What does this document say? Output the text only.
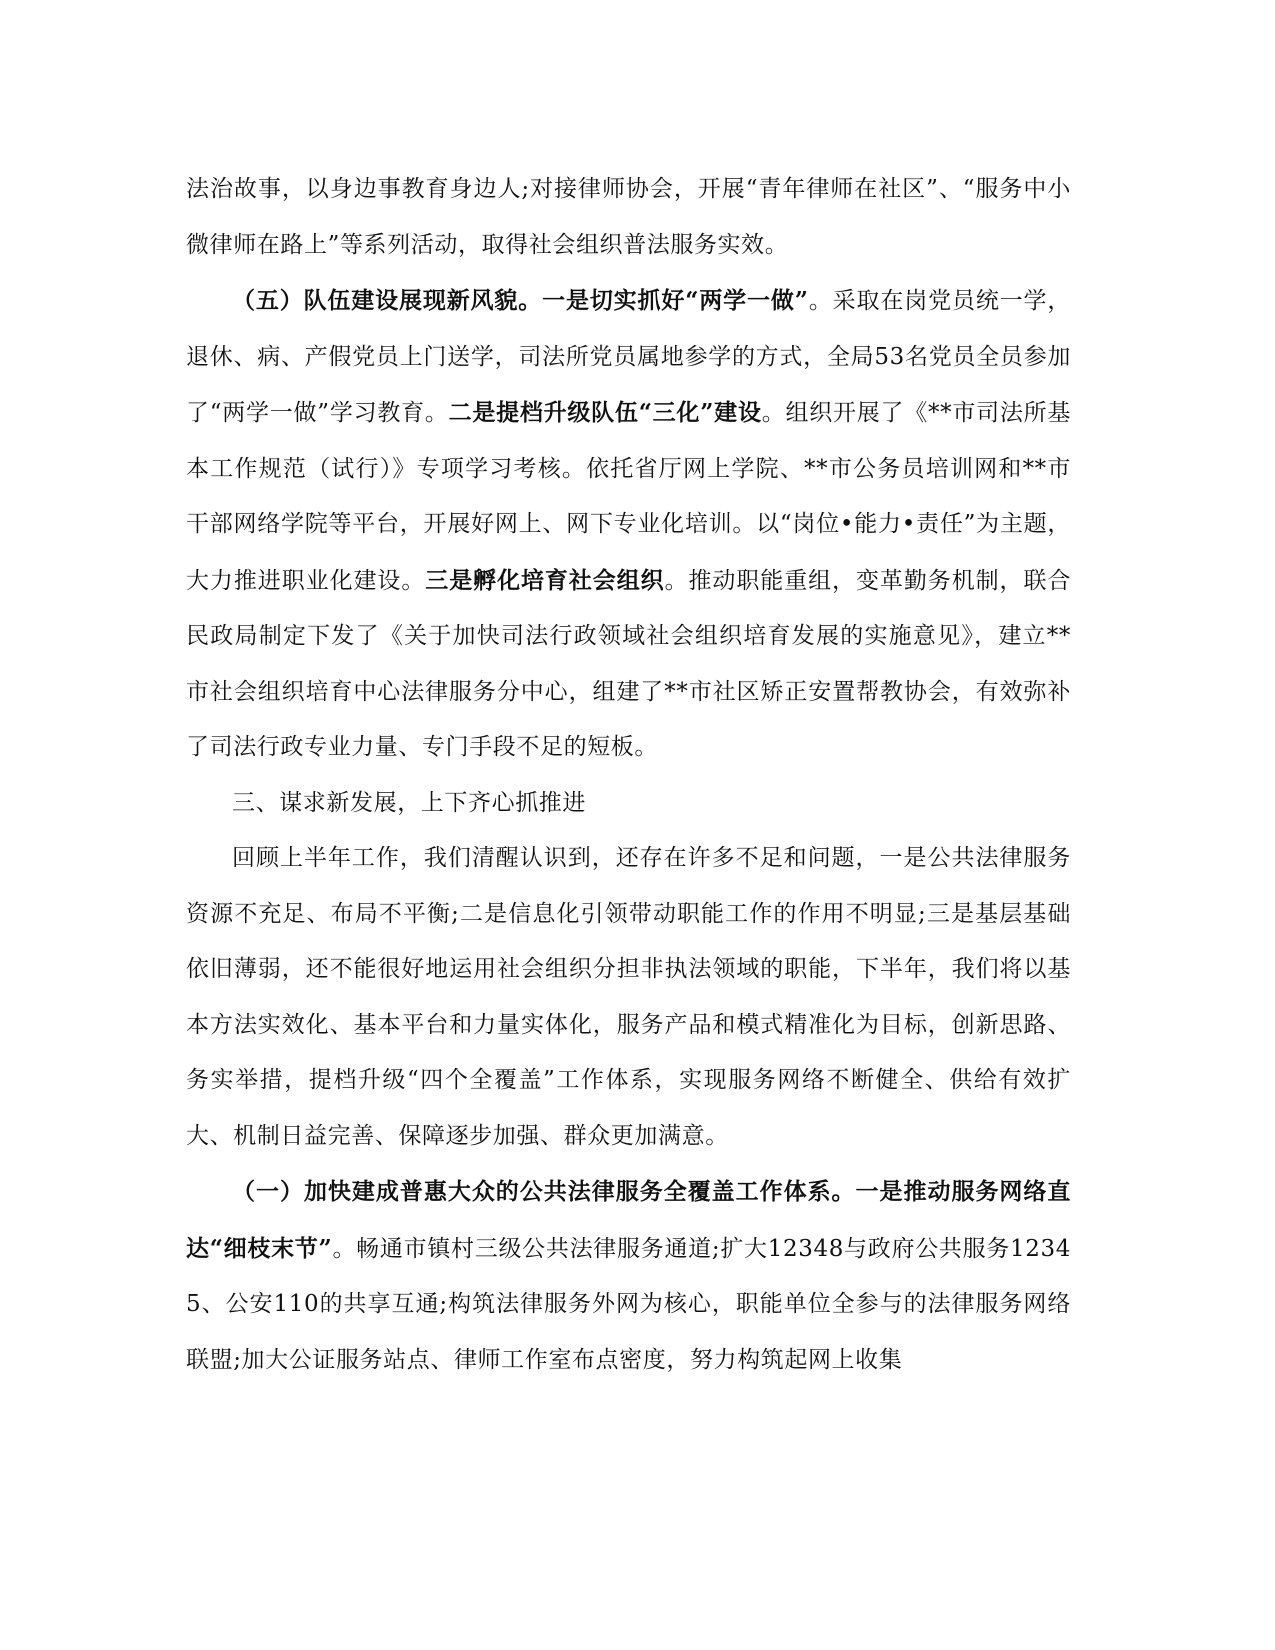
法治故事，以身边事教育身边人;对接律师协会，开展“青年律师在社区”、“服务中小微律师在路上”等系列活动，取得社会组织普法服务实效。

（五）队伍建设展现新风貌。一是切实抓好“两学一做”。采取在岗党员统一学，退休、病、产假党员上门送学，司法所党员属地参学的方式，全局53名党员全员参加了“两学一做”学习教育。二是提档升级队伍“三化”建设。组织开展了《**市司法所基本工作规范（试行）》专项学习考核。依托省厅网上学院、**市公务员培训网和**市干部网络学院等平台，开展好网上、网下专业化培训。以“岗位•能力•责任”为主题，大力推进职业化建设。三是孵化培育社会组织。推动职能重组，变革勤务机制，联合民政局制定下发了《关于加快司法行政领域社会组织培育发展的实施意见》，建立**市社会组织培育中心法律服务分中心，组建了**市社区矫正安置帮教协会，有效弥补了司法行政专业力量、专门手段不足的短板。

三、谋求新发展，上下齐心抓推进

回顾上半年工作，我们清醒认识到，还存在许多不足和问题，一是公共法律服务资源不充足、布局不平衡;二是信息化引领带动职能工作的作用不明显;三是基层基础依旧薄弱，还不能很好地运用社会组织分担非执法领域的职能，下半年，我们将以基本方法实效化、基本平台和力量实体化，服务产品和模式精准化为目标，创新思路、务实举措，提档升级“四个全覆盖”工作体系，实现服务网络不断健全、供给有效扩大、机制日益完善、保障逐步加强、群众更加满意。

（一）加快建成普惠大众的公共法律服务全覆盖工作体系。一是推动服务网络直达“细枝末节”。畅通市镇村三级公共法律服务通道;扩大12348与政府公共服务12345、公安110的共享互通;构筑法律服务外网为核心，职能单位全参与的法律服务网络联盟;加大公证服务站点、律师工作室布点密度，努力构筑起网上收集
